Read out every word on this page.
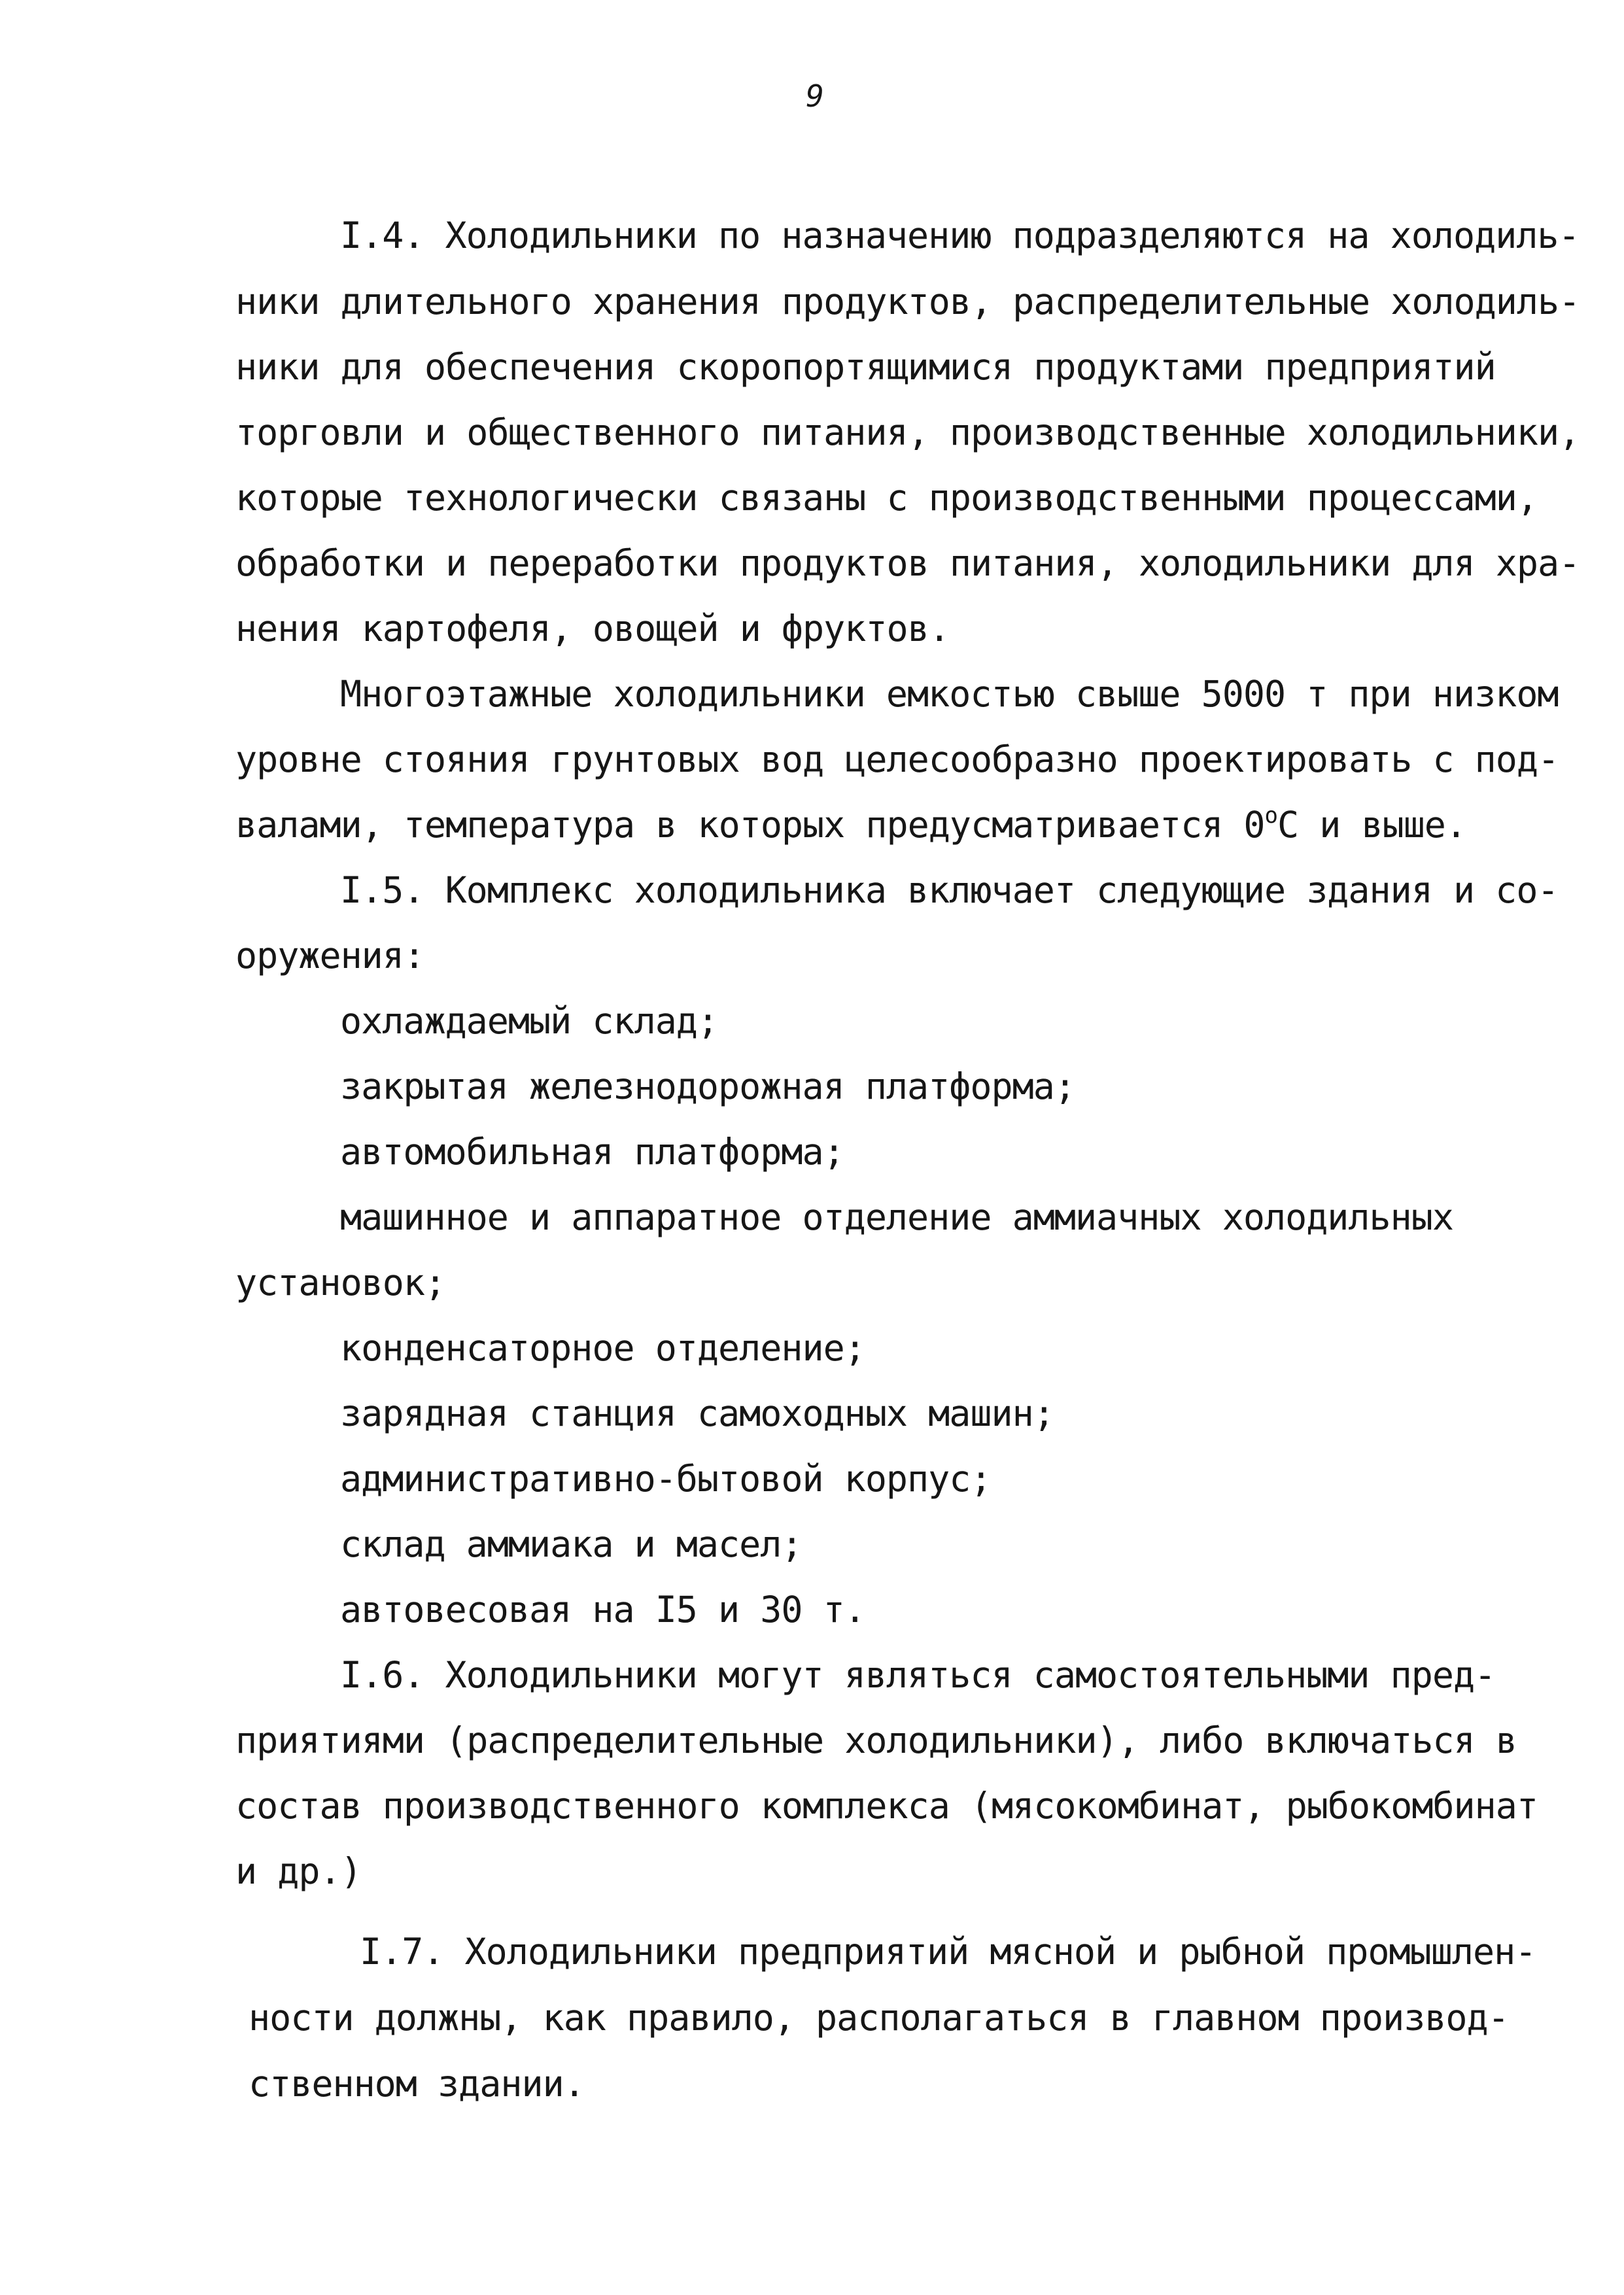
9
I.4. Холодильники по назначению подразделяются на холодиль-
ники длительного хранения продуктов, распределительные холодиль-
ники для обеспечения скоропортящимися продуктами предприятий
торговли и общественного питания, производственные холодильники,
которые технологически связаны с производственными процессами,
обработки и переработки продуктов питания, холодильники для хра-
нения картофеля, овощей и фруктов.
Многоэтажные холодильники емкостью свыше 5000 т при низком
уровне стояния грунтовых вод целесообразно проектировать с под-
валами, температура в которых предусматривается $0^оС$ и выше.
I.5. Комплекс холодильника включает следующие здания и со-
оружения:
охлаждаемый склад;
закрытая железнодорожная платформа;
автомобильная платформа;
машинное и аппаратное отделение аммиачных холодильных
установок;
конденсаторное отделение;
зарядная станция самоходных машин;
административно-бытовой корпус;
склад аммиака и масел;
автовесовая на I5 и 30 т.
I.6. Холодильники могут являться самостоятельными пред-
приятиями (распределительные холодильники), либо включаться в
состав производственного комплекса (мясокомбинат, рыбокомбинат
и др.)
I.7. Холодильники предприятий мясной и рыбной промышлен-
ности должны, как правило, располагаться в главном производ-
ственном здании.
